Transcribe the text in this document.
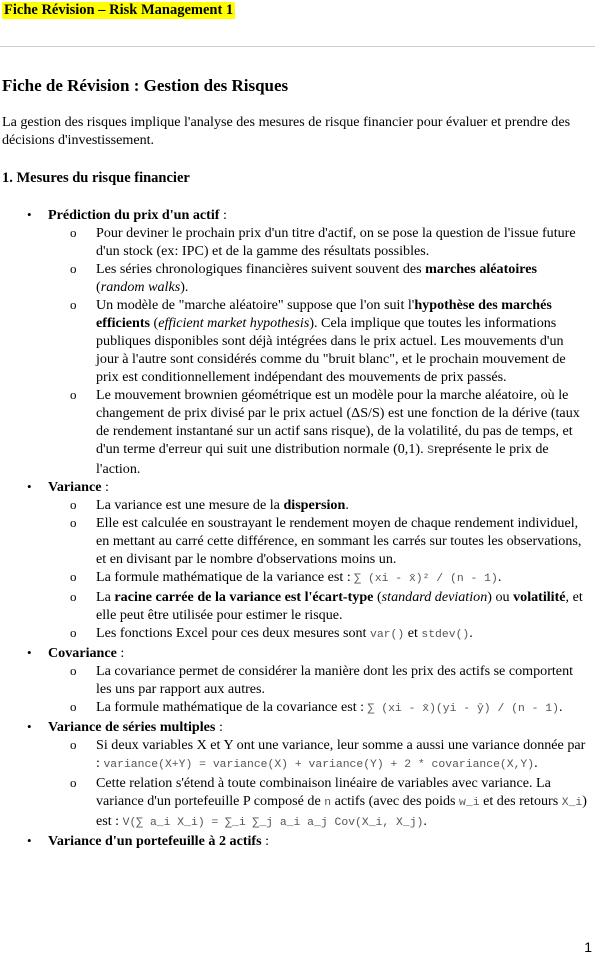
Fiche Révision – Risk Management 1
Fiche de Révision : Gestion des Risques

La gestion des risques implique l'analyse des mesures de risque financier pour évaluer et prendre des décisions d'investissement.

1. Mesures du risque financier
• Prédiction du prix d'un actif :
o Pour deviner le prochain prix d'un titre d'actif, on se pose la question de l'issue future d'un stock (ex: IPC) et de la gamme des résultats possibles.
o Les séries chronologiques financières suivent souvent des marches aléatoires (random walks).
o Un modèle de "marche aléatoire" suppose que l'on suit l'hypothèse des marchés efficients (efficient market hypothesis). Cela implique que toutes les informations publiques disponibles sont déjà intégrées dans le prix actuel. Les mouvements d'un jour à l'autre sont considérés comme du "bruit blanc", et le prochain mouvement de prix est conditionnellement indépendant des mouvements de prix passés.
o Le mouvement brownien géométrique est un modèle pour la marche aléatoire, où le changement de prix divisé par le prix actuel (ΔS/S) est une fonction de la dérive (taux de rendement instantané sur un actif sans risque), de la volatilité, du pas de temps, et d'un terme d'erreur qui suit une distribution normale (0,1). Sreprésente le prix de l'action.
• Variance :
o La variance est une mesure de la dispersion.
o Elle est calculée en soustrayant le rendement moyen de chaque rendement individuel, en mettant au carré cette différence, en sommant les carrés sur toutes les observations, et en divisant par le nombre d'observations moins un.
o La formule mathématique de la variance est : ∑ (xi - x̄)² / (n - 1).
o La racine carrée de la variance est l'écart-type (standard deviation) ou volatilité, et elle peut être utilisée pour estimer le risque.
o Les fonctions Excel pour ces deux mesures sont var() et stdev().
• Covariance :
o La covariance permet de considérer la manière dont les prix des actifs se comportent les uns par rapport aux autres.
o La formule mathématique de la covariance est : ∑ (xi - x̄)(yi - ȳ) / (n - 1).
• Variance de séries multiples :
o Si deux variables X et Y ont une variance, leur somme a aussi une variance donnée par : variance(X+Y) = variance(X) + variance(Y) + 2 * covariance(X,Y).
o Cette relation s'étend à toute combinaison linéaire de variables avec variance. La variance d'un portefeuille P composé de n actifs (avec des poids w_i et des retours X_i) est : V(∑ a_i X_i) = ∑_i ∑_j a_i a_j Cov(X_i, X_j).
• Variance d'un portefeuille à 2 actifs :
1
